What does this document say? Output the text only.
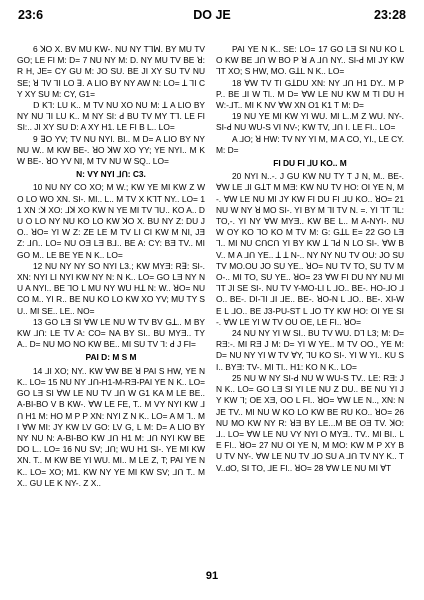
23:6	DO JE	23:28

6 ꓘO X. BV MU KW-. NU NY T⅂ꟽ. BY MU TV GO; LE FI M: D= 7 NU NY M: D. NY MU TV BE ꓤ: R H, JE= CY GU M: JO SU. BE JI XY SU TV NU SE; ꓤ ⅂V ⅂I LO ꓱ. A LIO BY NY AW N: LO= ꓕ ⅂I CY XY SU M: CY, G1=

ꓓ K⅂: LU K.. M TV NU XO NU M: ꓕ A LIO BY NY NU ⅂I LU K.. M NY SI: ꓒ BU TV MY T⅂. LE FI SI:.. JI XY SU D: A XY H1. LE FI B L.. LO=

9 ꓱO YV; TV NU NYI. BI.. M D= A LIO BY NY NU W.. M KW BE-. ꓤO ꓘW XO YY; YE NYI.. M KW BE-. ꓤO YV NI, M TV NU W SQ.. LO=

N: VY NYI ⅃ꓵ: C3.

10 NU NY CO XO; M W.; KW YE MI KW Z WO LO WO XN. SI-. MI.. L.. M TV X K⅂T NY.. LO= 11 XN :ꓘ XO: ⅃ꓘ XO KW N YE MI TV ⅂U.. KO A.. DU O LO NY NU KO LO KW ꓘO X. BU NY Z: DU JO.. ꓤO= YI W Z: ZE LE M TV LI CI KW M NI, JƎ Z: ⅃ꓵ.. LO= NU OƎ LƎ B⅃.. BE A: CY: BƎ TV.. MI GO M.. LE BE YE N K.. LO=

12 NU NY NY SO NYI L3.; KW MYƎ: Rꓱ: SI-. XN: NYI LI NYI KW NY N: N K.. LO= GO LƎ NY NU A NYI.. BE ⅂O L MU NY WU Hꓕ N: W.. ꓤO= NU CO M.. YI R.. BE NU KO LO KW XO YV; MU TY SU.. MI SE.. LE.. NO=

13 GO LƎ SI ꓯW LE NU W TV BV Gꓕ.. M BY KW ⅃ꓵ: LE TV A: CO= NA BY SI.. BU MYƎ.. TY A.. D= NU MO NO KW BE.. MI SU TV ⅂: ꓒ J FI=

PAI D: M S M

14 ⅃I XO; NY.. KW ꓯW BE ꓤ PAI S HW, YE N K.. LO= 15 NU NY ⅃ꓵ-H1-M-RƎ-PAI YE N K.. LO= GO LƎ SI ꓯW LE NU TV ⅃ꓵ W G1 KA M LE BE.. A-BI-BO V B KW-. ꓯW LE FE, T.. M VY NYI KW ⅃ꓵ H1 M: HO M P P XN: NYI Z N K.. LO= A M ⅂.. MI ꓯW MI: JY KW LV GO: LV G, L M: D= A LIO BY NY NU N: A-BI-BO KW ⅃ꓵ H1 M: ⅃ꓵ NYI KW BE DO L.. LO= 16 NU SV; ⅃ꓵ; WU H1 SI-. YE MI KW XN. T.. M KW BE YI WU. MI.. M LE Z, T; PAI YE N K.. LO= XO; M1. KW NY YE MI KW SV; ⅃ꓵ T.. M X.. GU LE K NY-. Z X..

PAI YE N K.. SE: LO= 17 GO LƎ SI NU KO LO KW BE ⅃ꓵ W BO P ꓤ A ⅃ꓵ NY.. SI-ꓒ MI JY KW ⅂T XO; S HW, MO. GꓕL N K.. LO=

18 ꓯW TV TI GꓕDU XN: NY ⅃ꓵ H1 DY.. M P P.. BE ⅃I W Tl.. M D= ꓯW LE NU KW M TI DU HW:-⅃T.. MI K NV ꓯW XN O1 K1 T M: D=

19 NU YE MI KW YI WU. MI L..M Z WU. NY-. SI-ꓒ NU WU-S VI NV-; KW TV, ⅃ꓵ I. LE FI.. LO=

A ⅃O; ꓤ HW: TV NY YI M, M A CO, YI., LE CY. M: D=

FI DU FI ⅃U KO.. M

20 NYI N..-. J GU KW NU TY T J N, M.. BE-. ꓯW LE ⅃I GꓕT M MƎ: KW NU TV HO: OI YE N, M-. ꓯW LE NU MI JY KW FI DU FI ⅃U KO.. ꓤO= 21 NU W NY ꓤ MO SI-. YI BY M ⅂I TV N. =. YI ⅂T ⅂L: TO,-. YI NY ꓯW MYƎ.. KW BE L.. M A-NYI-. NU W OY KO ⅂O KO M TV M: G: GꓕL E= 22 GO LƎ ⅂.. MI NU CꓵCꓵ YI BY KW ꓕ ⅂ꓒ N LO SI-. ꓯW BV.. M A ⅃ꓵ YE.. ꓕ ꓕ N-.. NY NY NU TV OU: JO SU TV MO.OU JO SU YE.. ꓤO= NU TV TO, SU TV MO-.. MI TO, SU YE.. ꓤO= 23 ꓯW FI DU NY NU MI ⅂T JI SE SI-. NU TV Y-MO-LI L ⅃O.. BE-. HO-⅃O ⅃O.. BE-. ꓓI-⅂I ⅃I ⅃E.. BE-. ꓤO-N L ⅃O.. BE-. XI-WE L ⅃O.. BE J3-PU-ST L ⅃O TY KW HO: OI YE SI-. ꓯW LE YI W TV OU OE, LE FI.. ꓤO=

24 NU NY YI W SI.. BU TV WU. D⅂ L3; M: D= RƎ:-. MI RƎ J M: D= YI W YE.. M TV OO., YE M: D= NU NY YI W TV ꓯY, ⅂U KO SI-. YI W YI.. KU SI.. BYƎ: TV-. MI TI.. H1: KO N K.. LO=

25 NU W NY SI-ꓒ NU W WU-S TV.. LE: RƎ: J N K.. LO= GO LƎ SI YI LE NU Z DU.. BE NU YI JY KW ⅂; OE XƎ, OO L FI.. ꓤO= ꓯW LE N.., XN: N JE TV.. MI NU W KO LO KW BE RU KO.. ꓤO= 26 NU MO KW NY R: ꓤƎ BY LE...M BE OƎ TV. ꓘO: ⅃.. LO= ꓯW LE NU VY NYI O MYƎ.. TV.. MI BI.. LE FI.. ꓤO= 27 NU OI YE N, M MO: KW M P XY BU TV NY-. ꓯW LE NU TV ⅃O SU A ⅃ꓵ TV NY K.. TV..dO, SI TO, ⅃E FI.. ꓤO= 28 ꓯW LE NU MI ꓯT

91
